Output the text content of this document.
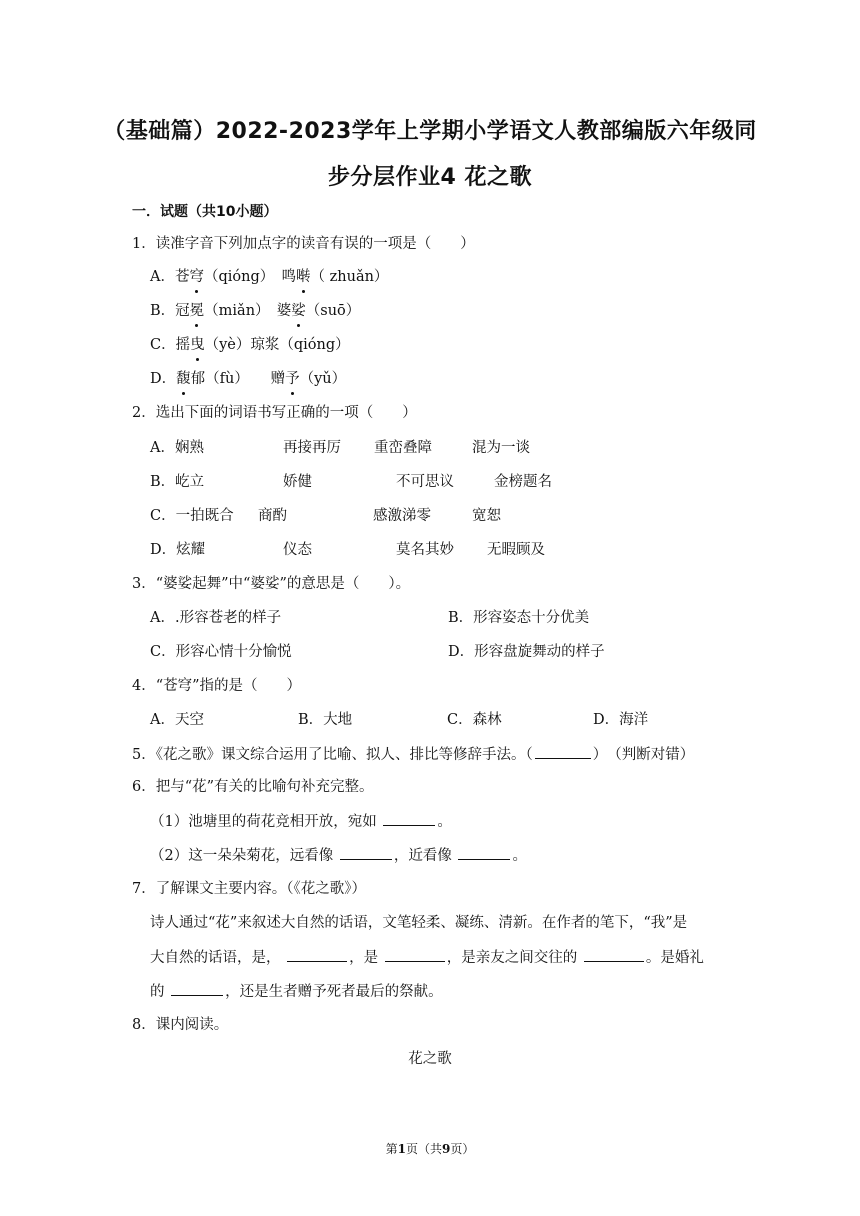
（基础篇）2022-2023学年上学期小学语文人教部编版六年级同
步分层作业4 花之歌
一．试题（共10小题）
1．读准字音下列加点字的读音有误的一项是（　　）
A．苍穹（qióng）　 鸣啭（ zhuǎn）
B．冠冕（miǎn）　 婆娑（suō）
C．摇曳（yè）琼浆（qióng）
D．馥郁（fù）　　 赠予（yǔ）
2．选出下面的词语书写正确的一项（　　）
A．娴熟	再接再厉 重峦叠障	混为一谈
B．屹立	娇健	不可思议	金榜题名
C．一拍既合 商酌	感激涕零	宽恕
D．炫耀	仪态	莫名其妙 无暇顾及
3．“婆娑起舞”中“婆娑”的意思是（　　）。
A．.形容苍老的样子	B．形容姿态十分优美
C．形容心情十分愉悦	D．形容盘旋舞动的样子
4．“苍穹”指的是（　　）
A．天空	B．大地	C．森林	D．海洋
5．《花之歌》课文综合运用了比喻、拟人、排比等修辞手法。（	）　 （判断对错）
6．把与“花”有关的比喻句补充完整。
（1）池塘里的荷花竞相开放，宛如	。
（2）这一朵朵菊花，远看像	，近看像	。
7．了解课文主要内容。（《花之歌》）
诗人通过“花”来叙述大自然的话语，文笔轻柔、凝练、清新。在作者的笔下，“我”是
大自然的话语，是，	，是	，是亲友之间交往的	。是婚礼
的	，还是生者赠予死者最后的祭献。
8．课内阅读。
花之歌
第1页（共9页）
